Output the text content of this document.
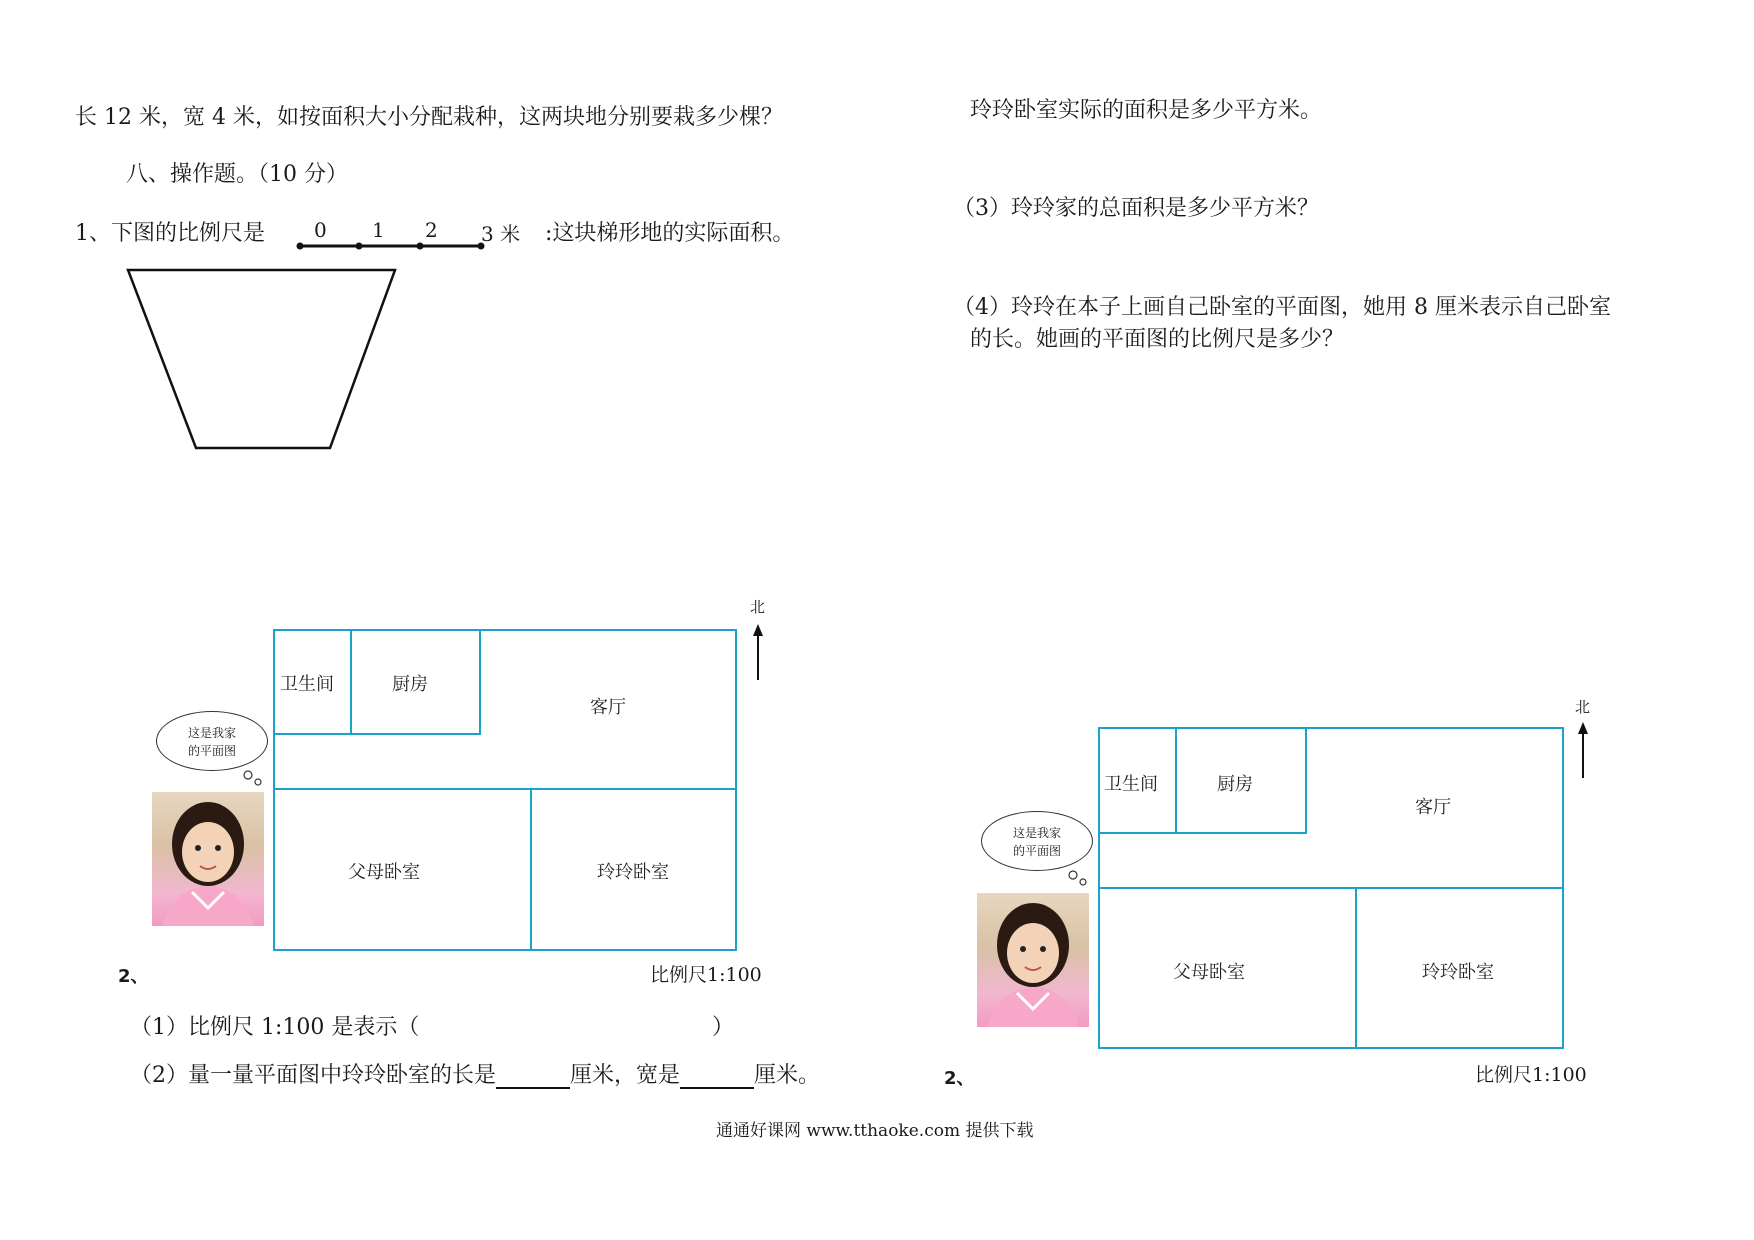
长 12 米，宽 4 米，如按面积大小分配栽种，这两块地分别要栽多少棵？
八、操作题。（10 分）
1、下图的比例尺是 0 1 2 3 米 :这块梯形地的实际面积。
卫生间	厨房
客厅
父母卧室	玲玲卧室
北
比例尺1:100
这是我家
的平面图
2、
（1）比例尺 1:100 是表示（	）
（2）量一量平面图中玲玲卧室的长是	厘米，宽是	厘米。
玲玲卧室实际的面积是多少平方米。
（3）玲玲家的总面积是多少平方米？
（4）玲玲在本子上画自己卧室的平面图，她用 8 厘米表示自己卧室
的长。她画的平面图的比例尺是多少？
卫生间	厨房
客厅
父母卧室	玲玲卧室
北
比例尺1:100
这是我家
的平面图
2、
通通好课网 www.tthaoke.com 提供下载
